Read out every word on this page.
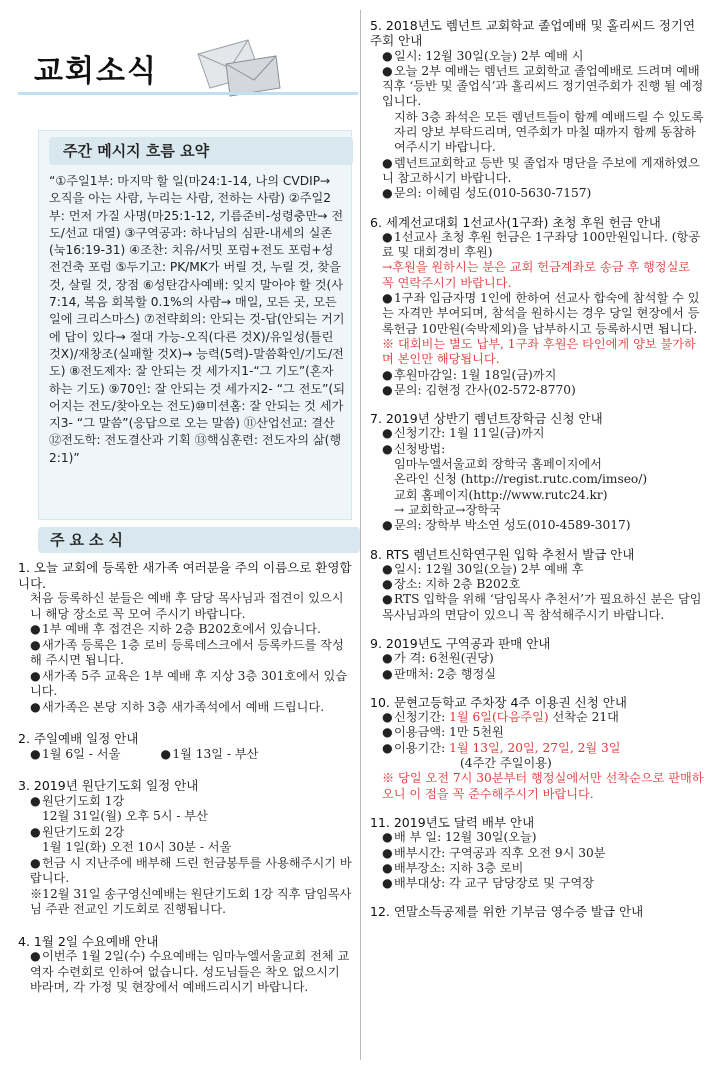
교회소식
주간 메시지 흐름 요약
“①주일1부: 마지막 할 일(마24:1-14, 나의 CVDIP→ 오직을 아는 사람, 누리는 사람, 전하는 사람) ②주일2부: 먼저 가질 사명(마25:1-12, 기름준비-성령충만→ 전도/선교 대열) ③구역공과: 하나님의 심판-내세의 실존(눅16:19-31) ④조찬: 치유/서밋 포럼+전도 포럼+성전건축 포럼 ⑤두기고: PK/MK가 버릴 것, 누릴 것, 찾을 것, 살릴 것, 장점 ⑥성탄감사예배: 잊지 말아야 할 것(사7:14, 복음 회복할 0.1%의 사람→ 매일, 모든 곳, 모든 일에 크리스마스) ⑦전략회의: 안되는 것-답(안되는 거기에 답이 있다→ 절대 가능-오직(다른 것X)/유일성(틀린 것X)/재창조(실패할 것X)→ 능력(5력)-말씀확인/기도/전도) ⑧전도제자: 잘 안되는 것 세가지1-“그 기도”(혼자하는 기도) ⑨70인: 잘 안되는 것 세가지2- “그 전도”(되어지는 전도/찾아오는 전도)⑩미션홈: 잘 안되는 것 세가지3- “그 말씀”(응답으로 오는 말씀) ⑪산업선교: 결산 ⑫전도학: 전도결산과 기획 ⑬핵심훈련: 전도자의 삶(행2:1)”
주요소식
1. 오늘 교회에 등록한 새가족 여러분을 주의 이름으로 환영합니다.
처음 등록하신 분들은 예배 후 담당 목사님과 접견이 있으시니 해당 장소로 꼭 모여 주시기 바랍니다.
●1부 예배 후 접견은 지하 2층 B202호에서 있습니다.
●새가족 등록은 1층 로비 등록데스크에서 등록카드를 작성해 주시면 됩니다.
●새가족 5주 교육은 1부 예배 후 지상 3층 301호에서 있습니다.
●새가족은 본당 지하 3층 새가족석에서 예배 드립니다.
2. 주일예배 일정 안내
●1월 6일 - 서울	●1월 13일 - 부산
3. 2019년 원단기도회 일정 안내
●원단기도회 1강
12월 31일(월) 오후 5시 - 부산
●원단기도회 2강
1월 1일(화) 오전 10시 30분 - 서울
●헌금 시 지난주에 배부해 드린 헌금봉투를 사용해주시기 바랍니다.
※12월 31일 송구영신예배는 원단기도회 1강 직후 담임목사님 주관 전교인 기도회로 진행됩니다.
4. 1월 2일 수요예배 안내
●이번주 1월 2일(수) 수요예배는 임마누엘서울교회 전체 교역자 수련회로 인하여 없습니다. 성도님들은 착오 없으시기 바라며, 각 가정 및 현장에서 예배드리시기 바랍니다.
5. 2018년도 렘넌트 교회학교 졸업예배 및 홀리씨드 정기연주회 안내
●일시: 12월 30일(오늘) 2부 예배 시
●오늘 2부 예배는 렘넌트 교회학교 졸업예배로 드려며 예배 직후 ‘등반 및 졸업식’과 홀리씨드 정기연주회가 진행 될 예정입니다.
지하 3층 좌석은 모든 렘넌트들이 함께 예배드릴 수 있도록 자리 양보 부탁드리며, 연주회가 마칠 때까지 함께 동참하여주시기 바랍니다.
●렘넌트교회학교 등반 및 졸업자 명단을 주보에 게재하였으니 참고하시기 바랍니다.
●문의: 이혜림 성도(010-5630-7157)
6. 세계선교대회 1선교사(1구좌) 초청 후원 헌금 안내
●1선교사 초청 후원 헌금은 1구좌당 100만원입니다. (항공료 및 대회경비 후원)
→후원을 원하시는 분은 교회 헌금계좌로 송금 후 행정실로 꼭 연락주시기 바랍니다.
●1구좌 입금자명 1인에 한하여 선교사 합숙에 참석할 수 있는 자격만 부여되며, 참석을 원하시는 경우 당일 현장에서 등록헌금 10만원(숙박제외)을 납부하시고 등록하시면 됩니다.
※ 대회비는 별도 납부, 1구좌 후원은 타인에게 양보 불가하며 본인만 해당됩니다.
●후원마감일: 1월 18일(금)까지
●문의: 김현정 간사(02-572-8770)
7. 2019년 상반기 렘넌트장학금 신청 안내
●신청기간: 1월 11일(금)까지
●신청방법:
임마누엘서울교회 장학국 홈페이지에서
온라인 신청 (http://regist.rutc.com/imseo/)
교회 홈페이지(http://www.rutc24.kr)
→ 교회학교→장학국
●문의: 장학부 박소연 성도(010-4589-3017)
8. RTS 렘넌트신학연구원 입학 추천서 발급 안내
●일시: 12월 30일(오늘) 2부 예배 후
●장소: 지하 2층 B202호
●RTS 입학을 위해 ‘담임목사 추천서’가 필요하신 분은 담임목사님과의 면담이 있으니 꼭 참석해주시기 바랍니다.
9. 2019년도 구역공과 판매 안내
●가 격: 6천원(권당)
●판매처: 2층 행정실
10. 문현고등학교 주차장 4주 이용권 신청 안내
●신청기간: 1월 6일(다음주일) 선착순 21대
●이용금액: 1만 5천원
●이용기간: 1월 13일, 20일, 27일, 2월 3일
(4주간 주일이용)
※ 당일 오전 7시 30분부터 행정실에서만 선착순으로 판매하오니 이 점을 꼭 준수해주시기 바랍니다.
11. 2019년도 달력 배부 안내
●배 부 일: 12월 30일(오늘)
●배부시간: 구역공과 직후 오전 9시 30분
●배부장소: 지하 3층 로비
●배부대상: 각 교구 담당장로 및 구역장
12. 연말소득공제를 위한 기부금 영수증 발급 안내
